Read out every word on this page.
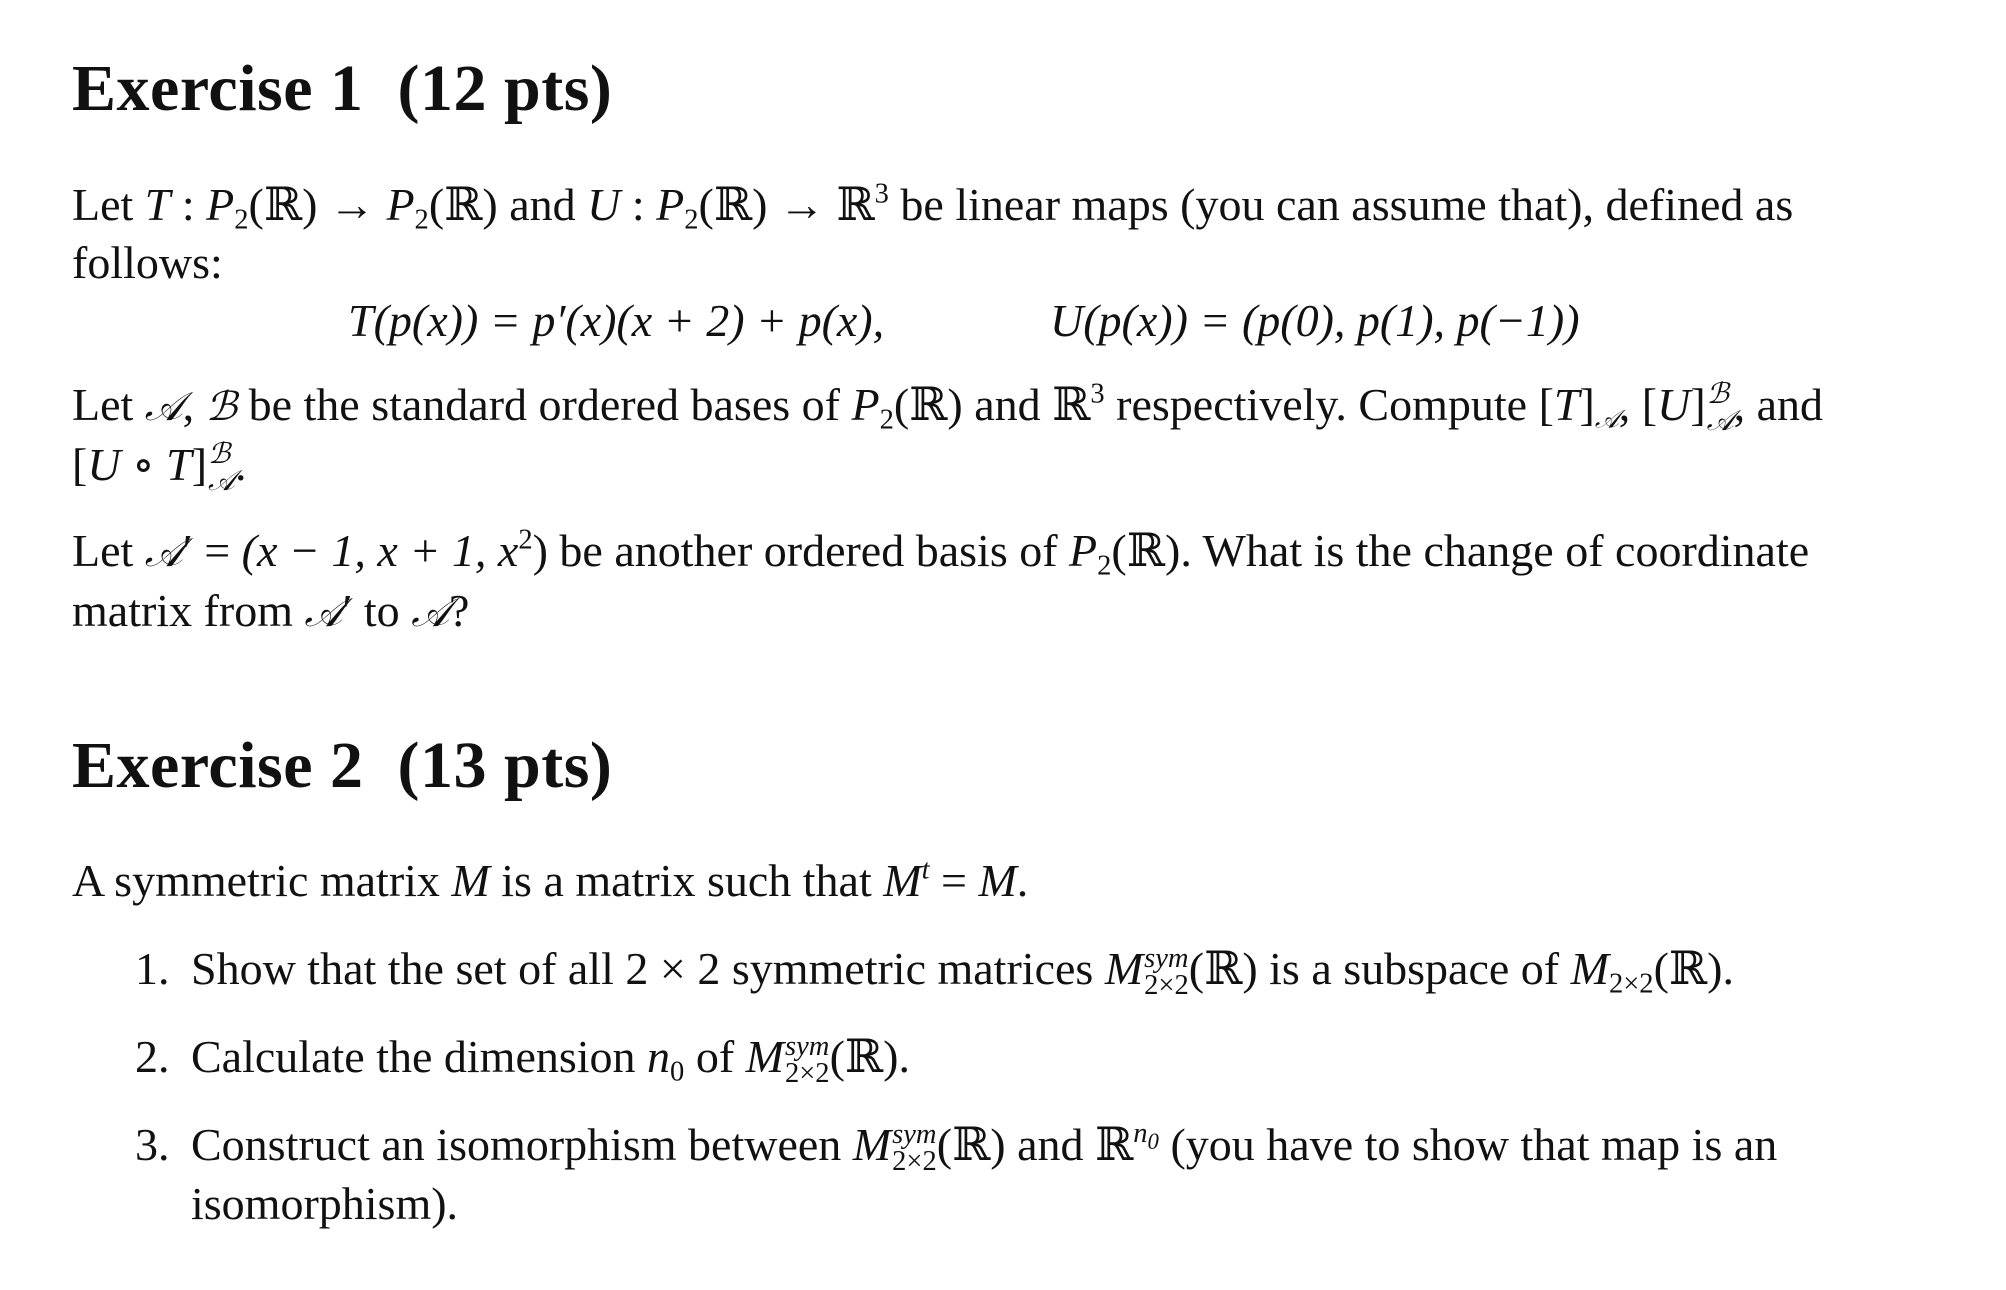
Exercise 1 (12 pts)

Let T : $P_2(ℝ)$ → $P_2(ℝ)$ and U : $P_2(ℝ)$ → ℝ$^3$ be linear maps (you can assume that), defined as follows:

T(p(x)) = p′(x)(x + 2) + p(x),	U(p(x)) = (p(0), p(1), p(−1))

Let 𝒜, ℬ be the standard ordered bases of $P_2(ℝ)$ and ℝ$^3$ respectively. Compute $[T]_𝒜$, [U] ℬ
𝒜 , and [U ∘ T] ℬ
𝒜 .

Let 𝒜′ = (x − 1, x + 1, $x^2$) be another ordered basis of $P_2(ℝ)$. What is the change of coordinate matrix from 𝒜′ to 𝒜?

Exercise 2 (13 pts)

A symmetric matrix M is a matrix such that $M^t = M$.

1. Show that the set of all 2 × 2 symmetric matrices M sym
2×2 (ℝ) is a subspace of $M_{2\times 2}(ℝ)$.
2. Calculate the dimension $n_0$ of M sym
2×2 (ℝ).
3. Construct an isomorphism between M sym
2×2 (ℝ) and ℝ$^{n_0}$ (you have to show that map is an isomorphism).
